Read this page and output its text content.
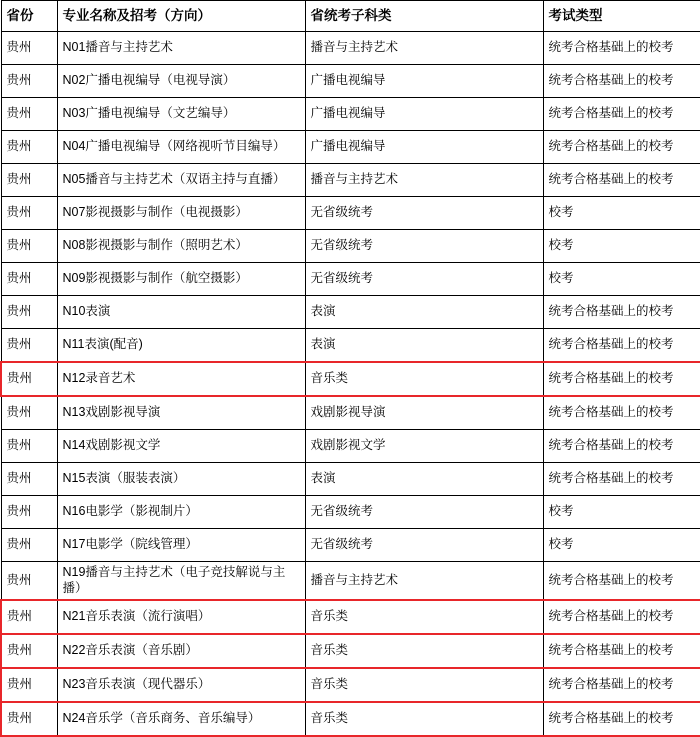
省份	专业名称及招考（方向）	省统考子科类	考试类型
贵州	N01播音与主持艺术	播音与主持艺术	统考合格基础上的校考
贵州	N02广播电视编导（电视导演）	广播电视编导	统考合格基础上的校考
贵州	N03广播电视编导（文艺编导）	广播电视编导	统考合格基础上的校考
贵州	N04广播电视编导（网络视听节目编导）	广播电视编导	统考合格基础上的校考
贵州	N05播音与主持艺术（双语主持与直播）	播音与主持艺术	统考合格基础上的校考
贵州	N07影视摄影与制作（电视摄影）	无省级统考	校考
贵州	N08影视摄影与制作（照明艺术）	无省级统考	校考
贵州	N09影视摄影与制作（航空摄影）	无省级统考	校考
贵州	N10表演	表演	统考合格基础上的校考
贵州	N11表演(配音)	表演	统考合格基础上的校考
贵州	N12录音艺术	音乐类	统考合格基础上的校考
贵州	N13戏剧影视导演	戏剧影视导演	统考合格基础上的校考
贵州	N14戏剧影视文学	戏剧影视文学	统考合格基础上的校考
贵州	N15表演（服装表演）	表演	统考合格基础上的校考
贵州	N16电影学（影视制片）	无省级统考	校考
贵州	N17电影学（院线管理）	无省级统考	校考
贵州	N19播音与主持艺术（电子竞技解说与主播）	播音与主持艺术	统考合格基础上的校考
贵州	N21音乐表演（流行演唱）	音乐类	统考合格基础上的校考
贵州	N22音乐表演（音乐剧）	音乐类	统考合格基础上的校考
贵州	N23音乐表演（现代器乐）	音乐类	统考合格基础上的校考
贵州	N24音乐学（音乐商务、音乐编导）	音乐类	统考合格基础上的校考
